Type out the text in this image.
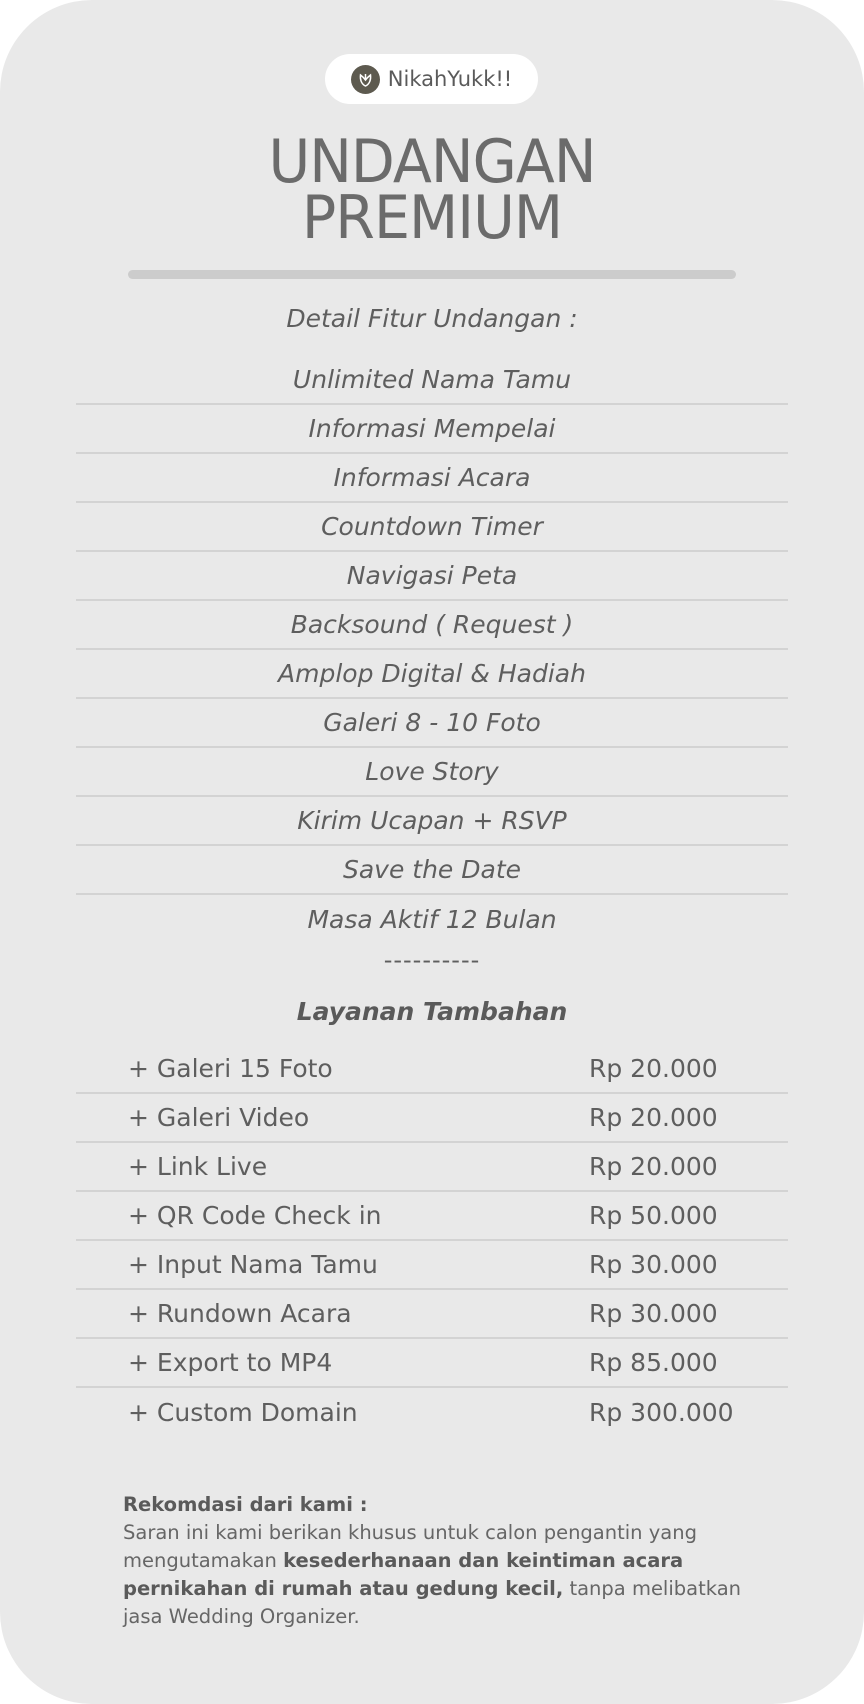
NikahYukk!!
UNDANGAN
PREMIUM
Detail Fitur Undangan :
Unlimited Nama Tamu
Informasi Mempelai
Informasi Acara
Countdown Timer
Navigasi Peta
Backsound ( Request )
Amplop Digital & Hadiah
Galeri 8 - 10 Foto
Love Story
Kirim Ucapan + RSVP
Save the Date
Masa Aktif 12 Bulan
----------
Layanan Tambahan
+ Galeri 15 Foto	Rp 20.000
+ Galeri Video	Rp 20.000
+ Link Live	Rp 20.000
+ QR Code Check in	Rp 50.000
+ Input Nama Tamu	Rp 30.000
+ Rundown Acara	Rp 30.000
+ Export to MP4	Rp 85.000
+ Custom Domain	Rp 300.000
Rekomdasi dari kami :
Saran ini kami berikan khusus untuk calon pengantin yang mengutamakan kesederhanaan dan keintiman acara pernikahan di rumah atau gedung kecil, tanpa melibatkan jasa Wedding Organizer.
